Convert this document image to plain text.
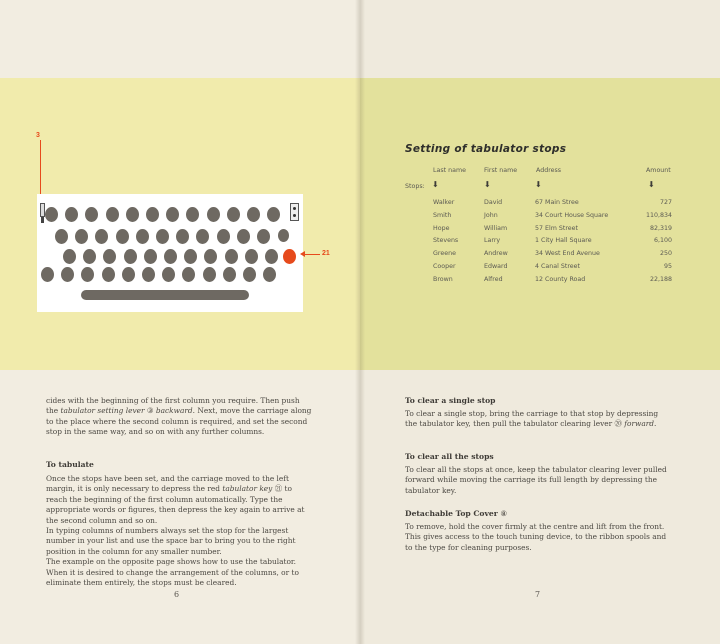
3
21

cides with the beginning of the first column you require. Then push the tabulator setting lever ③ backward. Next, move the carriage along to the place where the second column is required, and set the second stop in the same way, and so on with any further columns.

To tabulate

Once the stops have been set, and the carriage moved to the left margin, it is only necessary to depress the red tabulator key ㉑ to reach the beginning of the first column automatically. Type the appropriate words or figures, then depress the key again to arrive at the second column and so on.

In typing columns of numbers always set the stop for the largest number in your list and use the space bar to bring you to the right position in the column for any smaller number.

The example on the opposite page shows how to use the tabulator. When it is desired to change the arrangement of the columns, or to eliminate them entirely, the stops must be cleared.

6
Setting of tabulator stops
Last name	First name	Address	Amount
Stops: ⬇	⬇	⬇	⬇
Walker	David	67 Main Stree	727
Smith	John	34 Court House Square	110,834
Hope	William	57 Elm Street	82,319
Stevens	Larry	1 City Hall Square	6,100
Greene	Andrew	34 West End Avenue	250
Cooper	Edward	4 Canal Street	95
Brown	Alfred	12 County Road	22,188
To clear a single stop

To clear a single stop, bring the carriage to that stop by depressing the tabulator key, then pull the tabulator clearing lever ⑳ forward.

To clear all the stops

To clear all the stops at once, keep the tabulator clearing lever pulled forward while moving the carriage its full length by depressing the tabulator key.

Detachable Top Cover ⑧

To remove, hold the cover firmly at the centre and lift from the front. This gives access to the touch tuning device, to the ribbon spools and to the type for cleaning purposes.

7
